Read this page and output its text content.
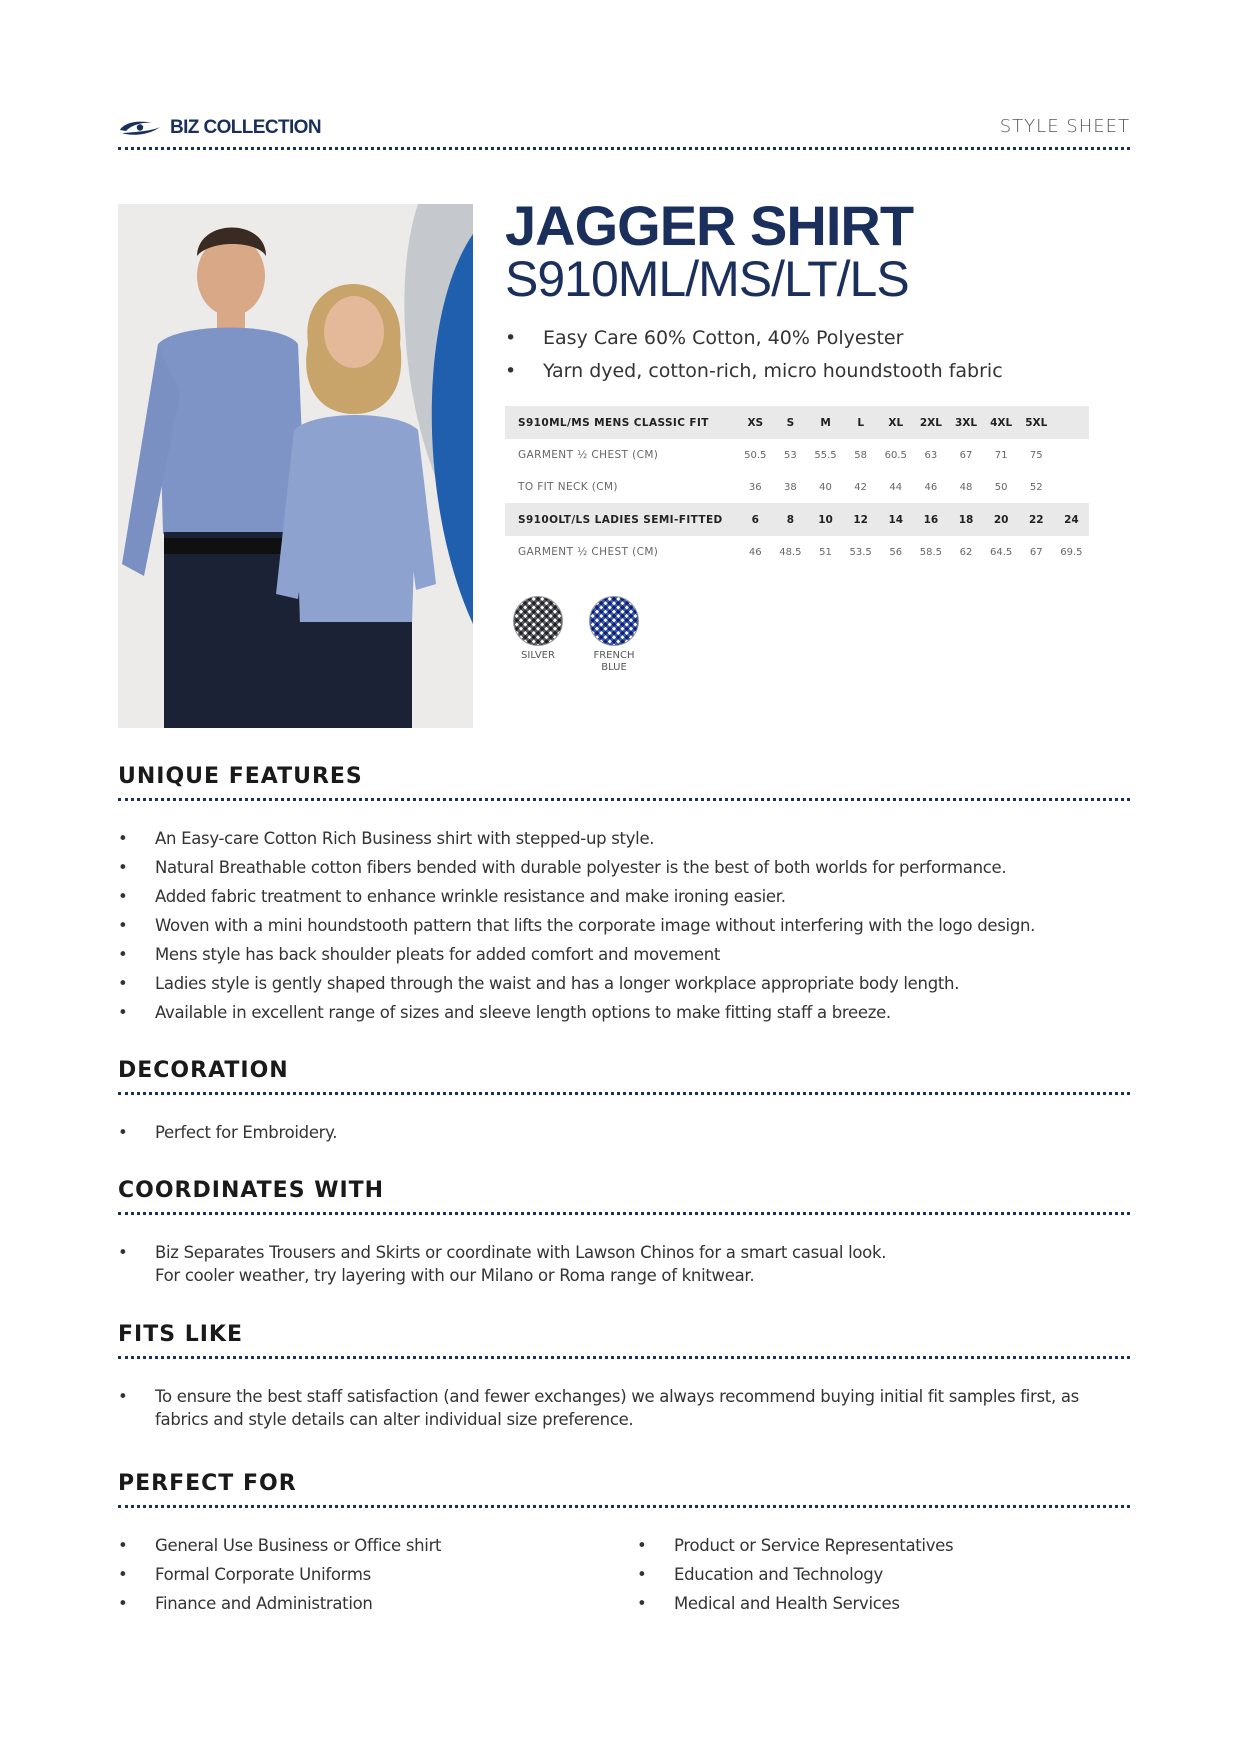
BIZ COLLECTION	STYLE SHEET
JAGGER SHIRT
S910ML/MS/LT/LS
• Easy Care 60% Cotton, 40% Polyester
• Yarn dyed, cotton-rich, micro houndstooth fabric
S910ML/MS MENS CLASSIC FIT	XS	S	M	L	XL	2XL	3XL	4XL	5XL	
GARMENT ½ CHEST (CM)	50.5	53	55.5	58	60.5	63	67	71	75	
TO FIT NECK (CM)	36	38	40	42	44	46	48	50	52	
S910OLT/LS LADIES SEMI-FITTED	6	8	10	12	14	16	18	20	22	24
GARMENT ½ CHEST (CM)	46	48.5	51	53.5	56	58.5	62	64.5	67	69.5
SILVER	FRENCH
BLUE
UNIQUE FEATURES
• An Easy-care Cotton Rich Business shirt with stepped-up style.
• Natural Breathable cotton fibers bended with durable polyester is the best of both worlds for performance.
• Added fabric treatment to enhance wrinkle resistance and make ironing easier.
• Woven with a mini houndstooth pattern that lifts the corporate image without interfering with the logo design.
• Mens style has back shoulder pleats for added comfort and movement
• Ladies style is gently shaped through the waist and has a longer workplace appropriate body length.
• Available in excellent range of sizes and sleeve length options to make fitting staff a breeze.
DECORATION
• Perfect for Embroidery.
COORDINATES WITH
• Biz Separates Trousers and Skirts or coordinate with Lawson Chinos for a smart casual look.
For cooler weather, try layering with our Milano or Roma range of knitwear.
FITS LIKE
• To ensure the best staff satisfaction (and fewer exchanges) we always recommend buying initial fit samples first, as
fabrics and style details can alter individual size preference.
PERFECT FOR
• General Use Business or Office shirt
• Formal Corporate Uniforms
• Finance and Administration
• Product or Service Representatives
• Education and Technology
• Medical and Health Services
